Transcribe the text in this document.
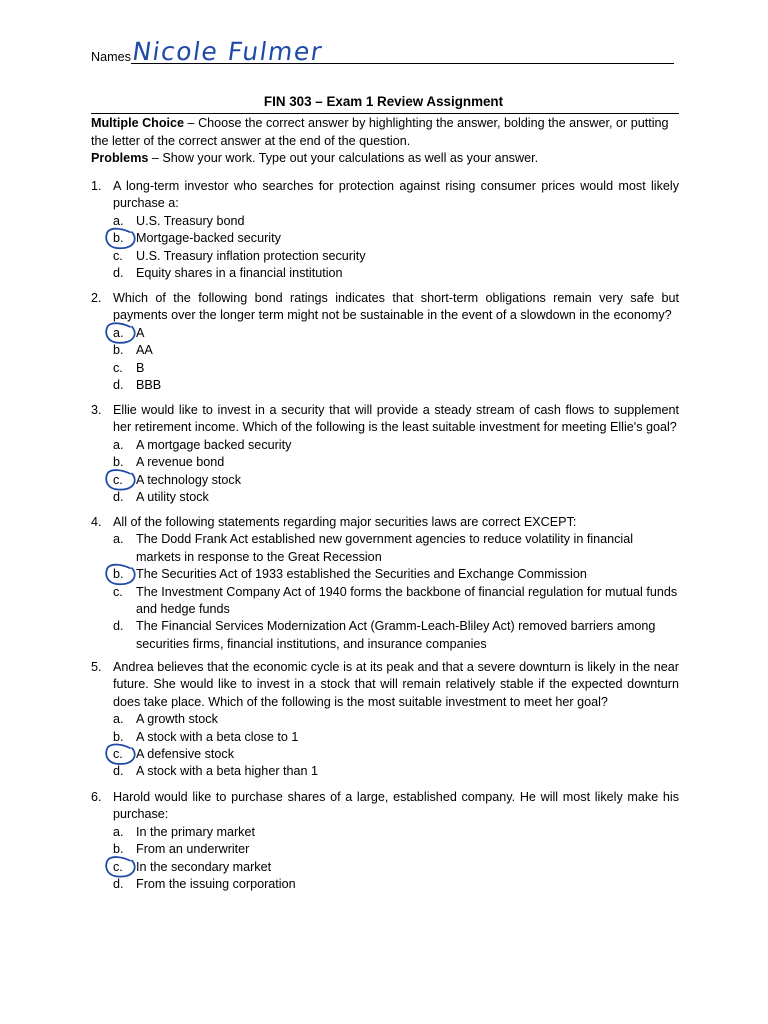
Names Nicole Fulmer
FIN 303 – Exam 1 Review Assignment

Multiple Choice – Choose the correct answer by highlighting the answer, bolding the answer, or putting the letter of the correct answer at the end of the question.

Problems – Show your work. Type out your calculations as well as your answer.

1. A long-term investor who searches for protection against rising consumer prices would most likely purchase a:
a. U.S. Treasury bond
b. Mortgage-backed security
c.	U.S. Treasury inflation protection security
d. Equity shares in a financial institution
2. Which of the following bond ratings indicates that short-term obligations remain very safe but payments over the longer term might not be sustainable in the event of a slowdown in the economy?
a. A
b. AA
c.	B
d. BBB
3. Ellie would like to invest in a security that will provide a steady stream of cash flows to supplement her retirement income. Which of the following is the least suitable investment for meeting Ellie's goal?
a. A mortgage backed security
b. A revenue bond
c.	A technology stock
d. A utility stock
4. All of the following statements regarding major securities laws are correct EXCEPT:
a. The Dodd Frank Act established new government agencies to reduce volatility in financial markets in response to the Great Recession
b. The Securities Act of 1933 established the Securities and Exchange Commission
c.	The Investment Company Act of 1940 forms the backbone of financial regulation for mutual funds and hedge funds
d. The Financial Services Modernization Act (Gramm-Leach-Bliley Act) removed barriers among securities firms, financial institutions, and insurance companies
5. Andrea believes that the economic cycle is at its peak and that a severe downturn is likely in the near future. She would like to invest in a stock that will remain relatively stable if the expected downturn does take place. Which of the following is the most suitable investment to meet her goal?
a. A growth stock
b. A stock with a beta close to 1
c.	A defensive stock
d. A stock with a beta higher than 1
6. Harold would like to purchase shares of a large, established company. He will most likely make his purchase:
a. In the primary market
b. From an underwriter
c.	In the secondary market
d. From the issuing corporation
